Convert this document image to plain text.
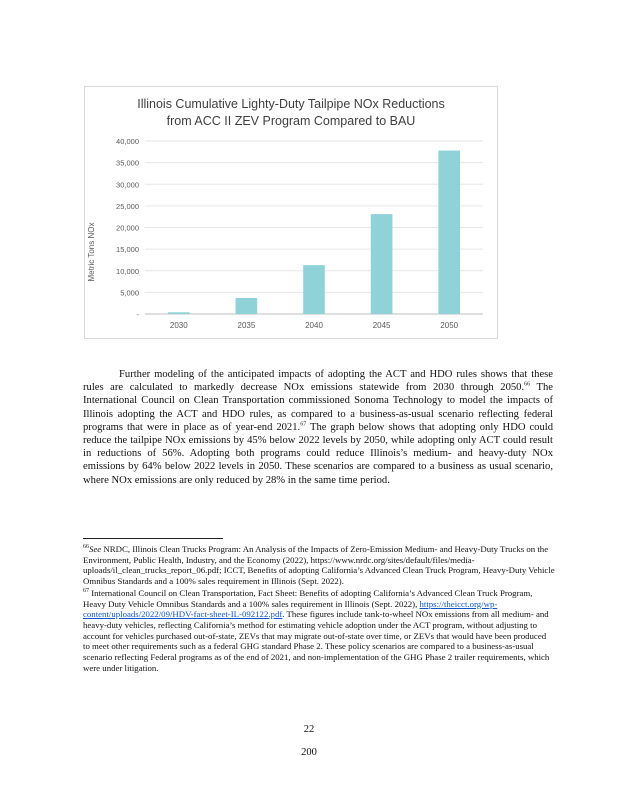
Illinois Cumulative Lighty-Duty Tailpipe NOx Reductions
from ACC II ZEV Program Compared to BAU
Metric Tons NOx
-
5,000
10,000
15,000
20,000
25,000
30,000
35,000
40,000
2030	2035	2040	2045	2050

Further modeling of the anticipated impacts of adopting the ACT and HDO rules shows that these rules are calculated to markedly decrease NOx emissions statewide from 2030 through 2050.66 The International Council on Clean Transportation commissioned Sonoma Technology to model the impacts of Illinois adopting the ACT and HDO rules, as compared to a business-as-usual scenario reflecting federal programs that were in place as of year-end 2021.67 The graph below shows that adopting only HDO could reduce the tailpipe NOx emissions by 45% below 2022 levels by 2050, while adopting only ACT could result in reductions of 56%. Adopting both programs could reduce Illinois’s medium- and heavy-duty NOx emissions by 64% below 2022 levels in 2050. These scenarios are compared to a business as usual scenario, where NOx emissions are only reduced by 28% in the same time period.

$^{66}$See NRDC, Illinois Clean Trucks Program: An Analysis of the Impacts of Zero-Emission Medium- and Heavy-Duty Trucks on the Environment, Public Health, Industry, and the Economy (2022), https://www.nrdc.org/sites/default/files/media-uploads/il_clean_trucks_report_06.pdf; ICCT, Benefits of adopting California’s Advanced Clean Truck Program, Heavy-Duty Vehicle Omnibus Standards and a 100% sales requirement in Illinois (Sept. 2022).

$^{67}$ International Council on Clean Transportation, Fact Sheet: Benefits of adopting California’s Advanced Clean Truck Program, Heavy Duty Vehicle Omnibus Standards and a 100% sales requirement in Illinois (Sept. 2022), https://theicct.org/wp-content/uploads/2022/09/HDV-fact-sheet-IL-092122.pdf. These figures include tank-to-wheel NOx emissions from all medium- and heavy-duty vehicles, reflecting California’s method for estimating vehicle adoption under the ACT program, without adjusting to account for vehicles purchased out-of-state, ZEVs that may migrate out-of-state over time, or ZEVs that would have been produced to meet other requirements such as a federal GHG standard Phase 2. These policy scenarios are compared to a business-as-usual scenario reflecting Federal programs as of the end of 2021, and non-implementation of the GHG Phase 2 trailer requirements, which were under litigation.

22
200
